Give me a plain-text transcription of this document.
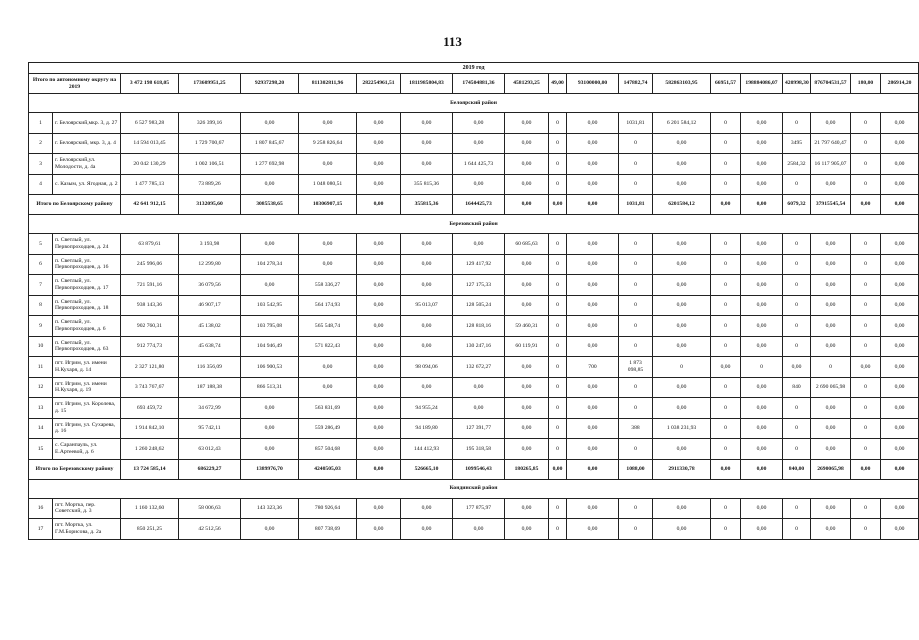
113
2019 год																			
Итого по автономному округу на 2019		3 472 198 618,05	173609951,25	92937298,20	811302811,96	282254961,51	1811985804,83	174504881,36	4581293,25	49,00	93100000,00	147882,74	582863103,95	66951,57	198884086,07	420998,30	876704531,57	180,00	286914,20
Белоярский район																			
1	г. Белоярский,мкр. 3, д. 27	6 527 983,28	326 399,16	0,00	0,00	0,00	0,00	0,00	0,00	0	0,00	1031,81	6 201 584,12	0	0,00	0	0,00	0	0,00
2	г. Белоярский, мкр. 3, д. 4	14 594 013,45	1 729 700,67	1 807 845,67	9 258 826,64	0,00	0,00	0,00	0,00	0	0,00	0	0,00	0	0,00	3495	21 797 640,47	0	0,00
3	г. Белоярский,ул. Молодости, д. 4а	20 042 130,29	1 002 106,51	1 277 692,98	0,00	0,00	0,00	1 644 425,73	0,00	0	0,00	0	0,00	0	0,00	2584,32	16 117 905,07	0	0,00
4	с. Казым, ул. Ягодная, д. 2	1 477 785,13	73 889,26	0,00	1 048 080,51	0,00	355 815,36	0,00	0,00	0	0,00	0	0,00	0	0,00	0	0,00	0	0,00
Итого по Белоярскому району		42 641 912,15	3132095,60	3085538,65	10306907,15	0,00	355815,36	1644425,73	0,00	0,00	0,00	1031,81	6201584,12	0,00	0,00	6079,32	37915545,54	0,00	0,00
Березовский район																			
5	п. Светлый, ул. Первопроходцев, д. 24	63 879,61	3 193,98	0,00	0,00	0,00	0,00	0,00	60 685,63	0	0,00	0	0,00	0	0,00	0	0,00	0	0,00
6	п. Светлый, ул. Первопроходцев, д. 16	245 996,06	12 299,80	104 278,34	0,00	0,00	0,00	129 417,92	0,00	0	0,00	0	0,00	0	0,00	0	0,00	0	0,00
7	п. Светлый, ул. Первопроходцев, д. 17	721 591,16	36 079,56	0,00	558 336,27	0,00	0,00	127 175,33	0,00	0	0,00	0	0,00	0	0,00	0	0,00	0	0,00
8	п. Светлый, ул. Первопроходцев, д. 18	938 143,36	46 907,17	103 542,95	564 174,93	0,00	95 013,07	128 505,24	0,00	0	0,00	0	0,00	0	0,00	0	0,00	0	0,00
9	п. Светлый, ул. Первопроходцев, д. 6	902 760,31	45 138,02	103 795,08	565 548,74	0,00	0,00	128 818,16	59 460,31	0	0,00	0	0,00	0	0,00	0	0,00	0	0,00
10	п. Светлый, ул. Первопроходцев, д. 63	912 774,73	45 638,74	104 946,49	571 822,43	0,00	0,00	130 247,16	60 119,91	0	0,00	0	0,00	0	0,00	0	0,00	0	0,00
11	пгт. Игрим, ул. имени Н.Кухаря, д. 14	2 327 121,80	116 356,09	106 900,53	0,00	0,00	98 094,06	132 672,27	0,00	0	700	1 873 098,85	0	0,00	0	0,00	0	0,00	0,00
12	пгт. Игрим, ул. имени Н.Кухаря, д. 19	3 743 767,67	187 188,38	866 513,31	0,00	0,00	0,00	0,00	0,00	0	0,00	0	0,00	0	0,00	840	2 690 065,98	0	0,00
13	пгт. Игрим, ул. Королева, д. 15	693 459,72	34 672,99	0,00	563 831,69	0,00	94 955,24	0,00	0,00	0	0,00	0	0,00	0	0,00	0	0,00	0	0,00
14	пгт. Игрим, ул. Сухарева, д. 16	1 914 842,10	95 742,11	0,00	559 286,49	0,00	94 189,80	127 391,77	0,00	0	0,00	388	1 038 231,93	0	0,00	0	0,00	0	0,00
15	с. Саранпауль, ул. Е.Артеевой, д. 6	1 260 248,62	63 012,43	0,00	857 504,68	0,00	144 412,93	195 318,58	0,00	0	0,00	0	0,00	0	0,00	0	0,00	0	0,00
Итого по Березовскому району		13 724 585,14	686229,27	1389976,70	4240505,03	0,00	526665,10	1099546,43	180265,85	0,00	0,00	1088,00	2911330,78	0,00	0,00	840,00	2690065,98	0,00	0,00
Кондинский район																			
16	пгт. Мортка, пер. Советский, д. 3	1 160 132,60	58 006,63	143 323,36	780 926,64	0,00	0,00	177 875,97	0,00	0	0,00	0	0,00	0	0,00	0	0,00	0	0,00
17	пгт. Мортка, ул. Г.М.Борисова, д. 2а	850 251,25	42 512,56	0,00	807 738,69	0,00	0,00	0,00	0,00	0	0,00	0	0,00	0	0,00	0	0,00	0	0,00
